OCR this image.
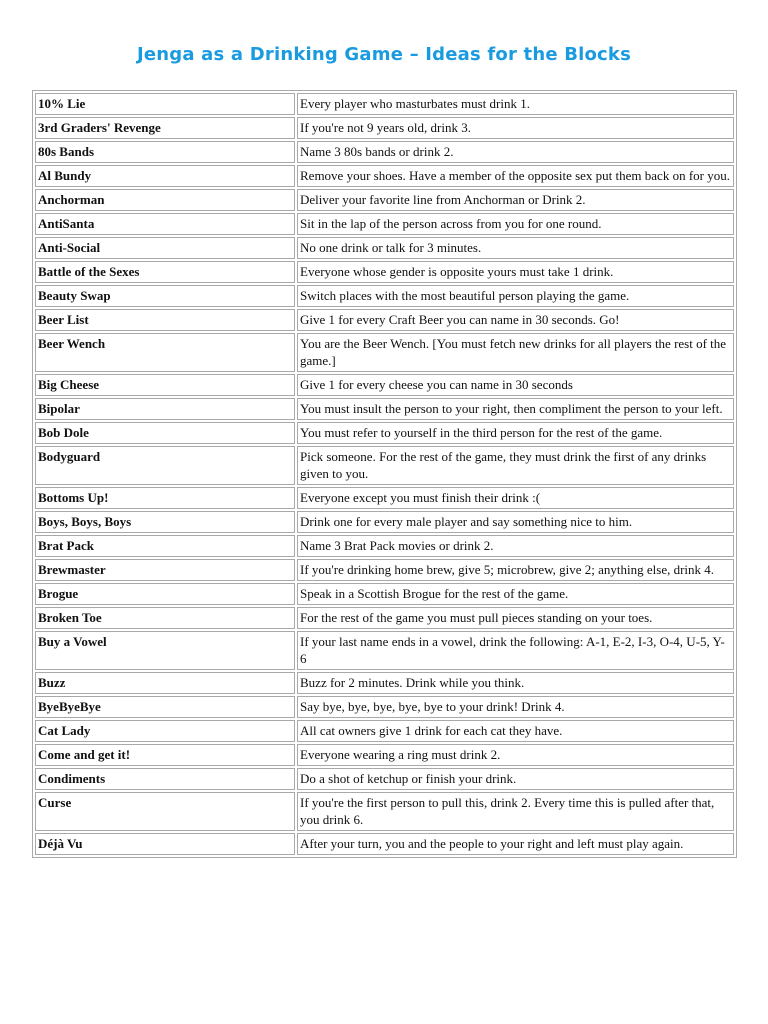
Jenga as a Drinking Game – Ideas for the Blocks
10% Lie	Every player who masturbates must drink 1.
3rd Graders' Revenge	If you're not 9 years old, drink 3.
80s Bands	Name 3 80s bands or drink 2.
Al Bundy	Remove your shoes. Have a member of the opposite sex put them back on for you.
Anchorman	Deliver your favorite line from Anchorman or Drink 2.
AntiSanta	Sit in the lap of the person across from you for one round.
Anti-Social	No one drink or talk for 3 minutes.
Battle of the Sexes	Everyone whose gender is opposite yours must take 1 drink.
Beauty Swap	Switch places with the most beautiful person playing the game.
Beer List	Give 1 for every Craft Beer you can name in 30 seconds. Go!
Beer Wench	You are the Beer Wench. [You must fetch new drinks for all players the rest of the game.]
Big Cheese	Give 1 for every cheese you can name in 30 seconds
Bipolar	You must insult the person to your right, then compliment the person to your left.
Bob Dole	You must refer to yourself in the third person for the rest of the game.
Bodyguard	Pick someone. For the rest of the game, they must drink the first of any drinks given to you.
Bottoms Up!	Everyone except you must finish their drink :(
Boys, Boys, Boys	Drink one for every male player and say something nice to him.
Brat Pack	Name 3 Brat Pack movies or drink 2.
Brewmaster	If you're drinking home brew, give 5; microbrew, give 2; anything else, drink 4.
Brogue	Speak in a Scottish Brogue for the rest of the game.
Broken Toe	For the rest of the game you must pull pieces standing on your toes.
Buy a Vowel	If your last name ends in a vowel, drink the following: A-1, E-2, I-3, O-4, U-5, Y-6
Buzz	Buzz for 2 minutes. Drink while you think.
ByeByeBye	Say bye, bye, bye, bye, bye to your drink! Drink 4.
Cat Lady	All cat owners give 1 drink for each cat they have.
Come and get it!	Everyone wearing a ring must drink 2.
Condiments	Do a shot of ketchup or finish your drink.
Curse	If you're the first person to pull this, drink 2. Every time this is pulled after that, you drink 6.
Déjà Vu	After your turn, you and the people to your right and left must play again.
